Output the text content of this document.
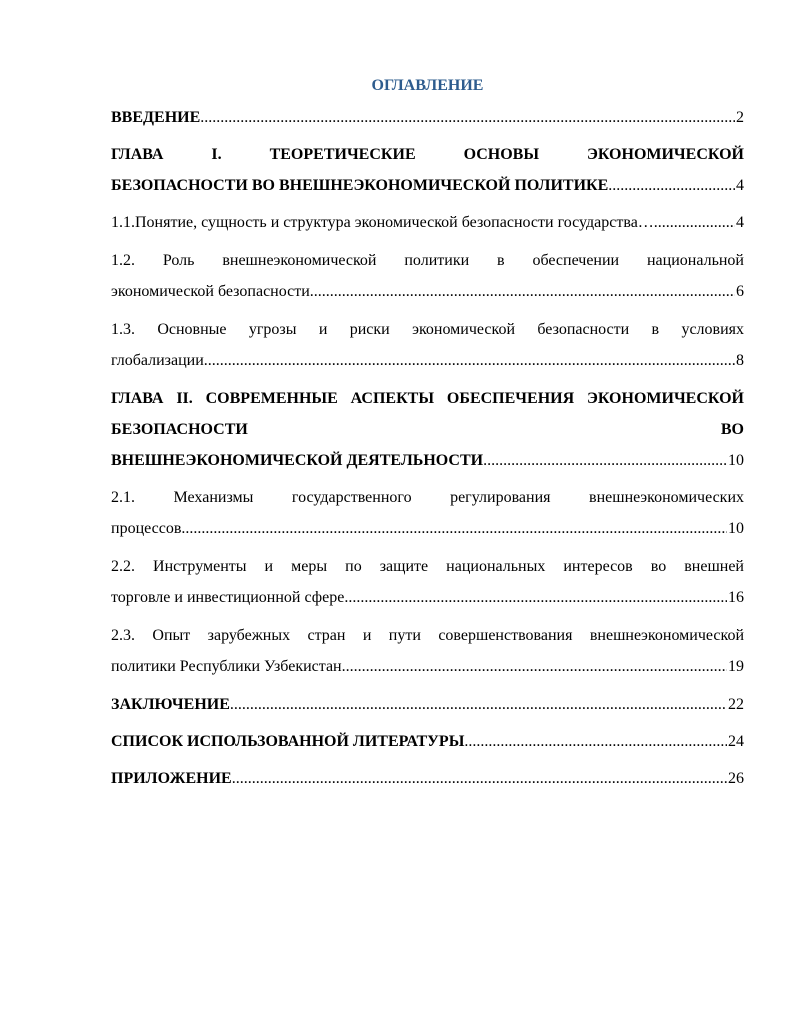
ОГЛАВЛЕНИЕ
ВВЕДЕНИЕ .....	2
ГЛАВА I. ТЕОРЕТИЧЕСКИЕ ОСНОВЫ ЭКОНОМИЧЕСКОЙ
БЕЗОПАСНОСТИ ВО ВНЕШНЕЭКОНОМИЧЕСКОЙ ПОЛИТИКЕ .....	4
1.1.Понятие, сущность и структура экономической безопасности государства… .....	4
1.2. Роль внешнеэкономической политики в обеспечении национальной
экономической безопасности .....	6
1.3. Основные угрозы и риски экономической безопасности в условиях
глобализации .....	8
ГЛАВА II. СОВРЕМЕННЫЕ АСПЕКТЫ ОБЕСПЕЧЕНИЯ ЭКОНОМИЧЕСКОЙ БЕЗОПАСНОСТИ ВО
ВНЕШНЕЭКОНОМИЧЕСКОЙ ДЕЯТЕЛЬНОСТИ .....	10
2.1. Механизмы государственного регулирования внешнеэкономических
процессов .....	10
2.2. Инструменты и меры по защите национальных интересов во внешней
торговле и инвестиционной сфере .....	16
2.3. Опыт зарубежных стран и пути совершенствования внешнеэкономической
политики Республики Узбекистан .....	19
ЗАКЛЮЧЕНИЕ .....	22
СПИСОК ИСПОЛЬЗОВАННОЙ ЛИТЕРАТУРЫ .....	24
ПРИЛОЖЕНИЕ .....	26
